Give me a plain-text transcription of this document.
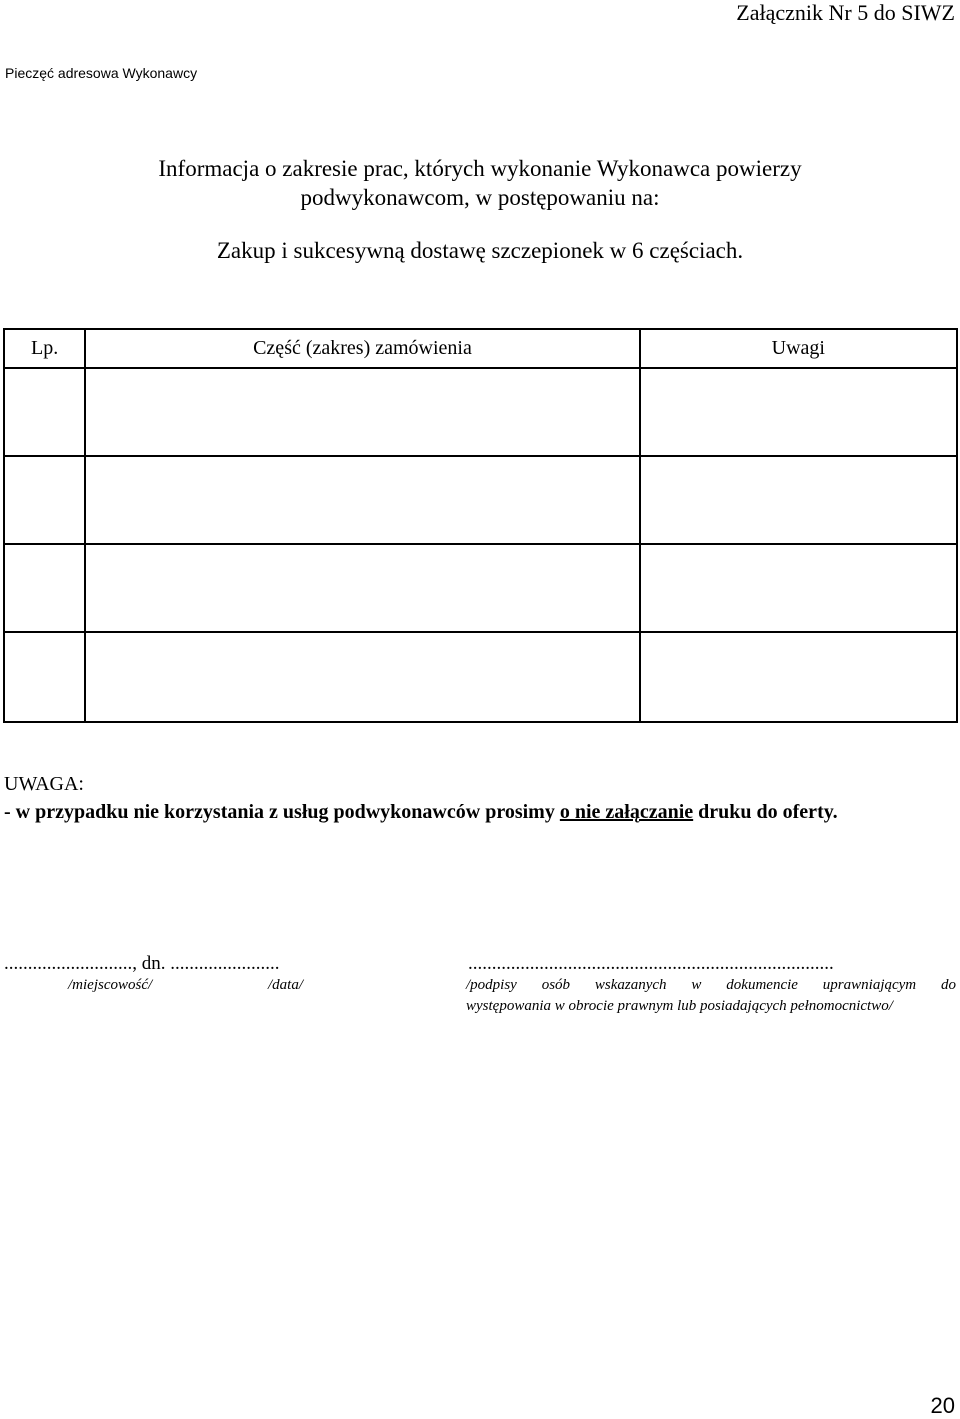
Załącznik Nr 5 do SIWZ
Pieczęć adresowa Wykonawcy
Informacja o zakresie prac, których wykonanie Wykonawca powierzy
podwykonawcom, w postępowaniu na:
Zakup i sukcesywną dostawę szczepionek w 6 częściach.
Lp.	Część (zakres) zamówienia	Uwagi

UWAGA:
- w przypadku nie korzystania z usług podwykonawców prosimy o nie załączanie druku do oferty.
..........................., dn. .......................	.............................................................................
/miejscowość/	/data/	/podpisy osób wskazanych w dokumencie uprawniającym do
występowania w obrocie prawnym lub posiadających pełnomocnictwo/
20
